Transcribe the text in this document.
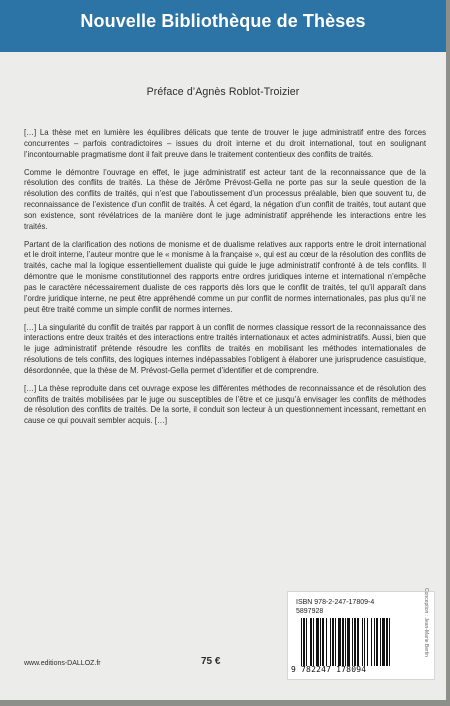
Nouvelle Bibliothèque de Thèses
Préface d’Agnès Roblot-Troizier

[…] La thèse met en lumière les équilibres délicats que tente de trouver le juge administratif entre des forces concurrentes – parfois contradictoires – issues du droit interne et du droit international, tout en soulignant l’incontournable pragmatisme dont il fait preuve dans le traitement contentieux des conflits de traités.

Comme le démontre l’ouvrage en effet, le juge administratif est acteur tant de la reconnaissance que de la résolution des conflits de traités. La thèse de Jérôme Prévost-Gella ne porte pas sur la seule question de la résolution des conflits de traités, qui n’est que l’aboutissement d’un processus préalable, bien que souvent tu, de reconnaissance de l’existence d’un conflit de traités. À cet égard, la négation d’un conflit de traités, tout autant que son existence, sont révélatrices de la manière dont le juge administratif appréhende les interactions entre les traités.

Partant de la clarification des notions de monisme et de dualisme relatives aux rapports entre le droit international et le droit interne, l’auteur montre que le « monisme à la française », qui est au cœur de la résolution des conflits de traités, cache mal la logique essentiellement dualiste qui guide le juge administratif confronté à de tels conflits. Il démontre que le monisme constitutionnel des rapports entre ordres juridiques interne et international n’empêche pas le caractère nécessairement dualiste de ces rapports dès lors que le conflit de traités, tel qu’il apparaît dans l’ordre juridique interne, ne peut être appréhendé comme un pur conflit de normes internationales, pas plus qu’il ne peut être traité comme un simple conflit de normes internes.

[…] La singularité du conflit de traités par rapport à un conflit de normes classique ressort de la reconnaissance des interactions entre deux traités et des interactions entre traités internationaux et actes administratifs. Aussi, bien que le juge administratif prétende résoudre les conflits de traités en mobilisant les méthodes internationales de résolutions de tels conflits, des logiques internes indépassables l’obligent à élaborer une jurisprudence casuistique, désordonnée, que la thèse de M. Prévost-Gella permet d’identifier et de comprendre.

[…] La thèse reproduite dans cet ouvrage expose les différentes méthodes de reconnaissance et de résolution des conflits de traités mobilisées par le juge ou susceptibles de l’être et ce jusqu’à envisager les conflits de méthodes de résolution des conflits de traités. De la sorte, il conduit son lecteur à un questionnement incessant, remettant en cause ce qui pouvait sembler acquis. […]

ISBN 978-2-247-17809-4
5897928
9 782247 178094
Conception : Jean-Marie Bertin
www.editions-DALLOZ.fr	75 €
